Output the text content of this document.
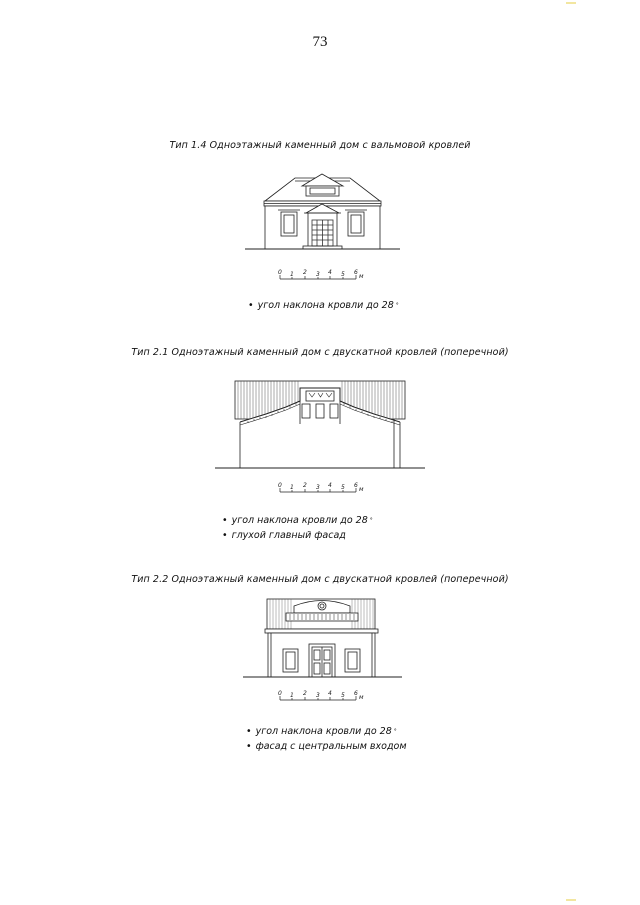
73
Тип 1.4 Одноэтажный каменный дом с вальмовой кровлей
0 1 2 3 4 5 6
м
• угол наклона кровли до 28 °
Тип 2.1 Одноэтажный каменный дом с двускатной кровлей (поперечной)
0 1 2 3 4 5 6
м
• угол наклона кровли до 28 °
• глухой главный фасад
Тип 2.2 Одноэтажный каменный дом с двускатной кровлей (поперечной)
0 1 2 3 4 5 6
м
• угол наклона кровли до 28 °
• фасад с центральным входом
